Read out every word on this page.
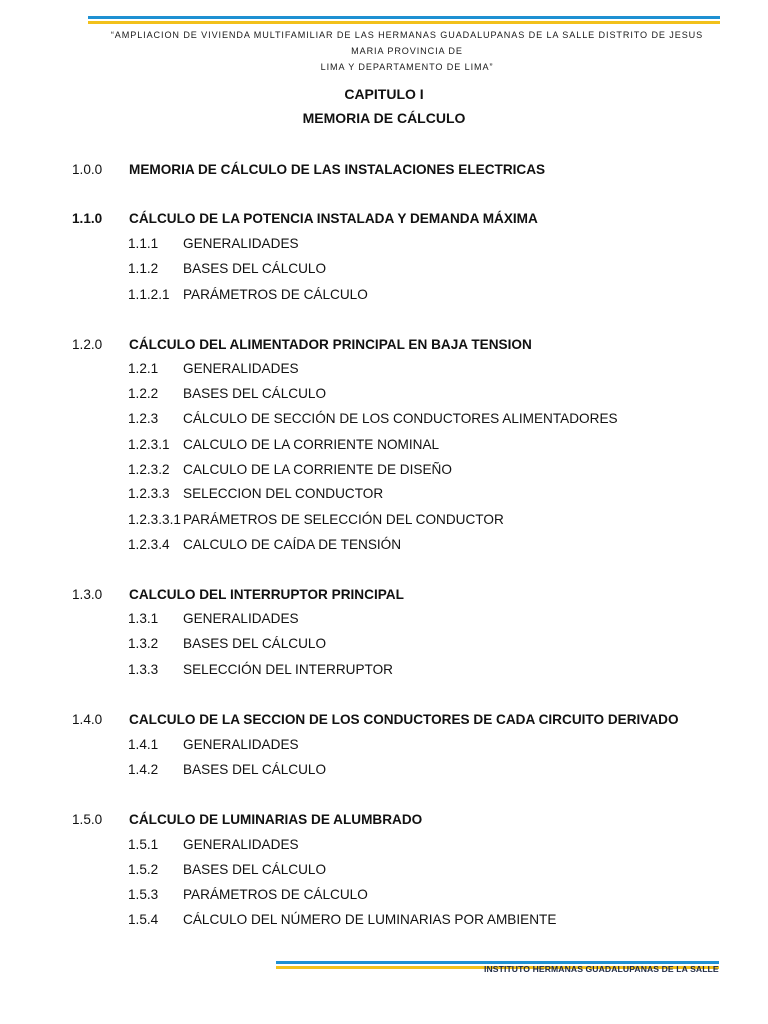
“AMPLIACION DE VIVIENDA MULTIFAMILIAR DE LAS HERMANAS GUADALUPANAS DE LA SALLE DISTRITO DE JESUS MARIA PROVINCIA DE
LIMA Y DEPARTAMENTO DE LIMA”

CAPITULO I

MEMORIA DE CÁLCULO

1.0.0 MEMORIA DE CÁLCULO DE LAS INSTALACIONES ELECTRICAS
1.1.0 CÁLCULO DE LA POTENCIA INSTALADA Y DEMANDA MÁXIMA
1.1.1 GENERALIDADES
1.1.2 BASES DEL CÁLCULO
1.1.2.1 PARÁMETROS DE CÁLCULO
1.2.0 CÁLCULO DEL ALIMENTADOR PRINCIPAL EN BAJA TENSION
1.2.1 GENERALIDADES
1.2.2 BASES DEL CÁLCULO
1.2.3 CÁLCULO DE SECCIÓN DE LOS CONDUCTORES ALIMENTADORES
1.2.3.1 CALCULO DE LA CORRIENTE NOMINAL
1.2.3.2 CALCULO DE LA CORRIENTE DE DISEÑO
1.2.3.3 SELECCION DEL CONDUCTOR
1.2.3.3.1 PARÁMETROS DE SELECCIÓN DEL CONDUCTOR
1.2.3.4 CALCULO DE CAÍDA DE TENSIÓN
1.3.0 CALCULO DEL INTERRUPTOR PRINCIPAL
1.3.1 GENERALIDADES
1.3.2 BASES DEL CÁLCULO
1.3.3 SELECCIÓN DEL INTERRUPTOR
1.4.0 CALCULO DE LA SECCION DE LOS CONDUCTORES DE CADA CIRCUITO DERIVADO
1.4.1 GENERALIDADES
1.4.2 BASES DEL CÁLCULO
1.5.0 CÁLCULO DE LUMINARIAS DE ALUMBRADO
1.5.1 GENERALIDADES
1.5.2 BASES DEL CÁLCULO
1.5.3 PARÁMETROS DE CÁLCULO
1.5.4 CÁLCULO DEL NÚMERO DE LUMINARIAS POR AMBIENTE
INSTITUTO HERMANAS GUADALUPANAS DE LA SALLE
